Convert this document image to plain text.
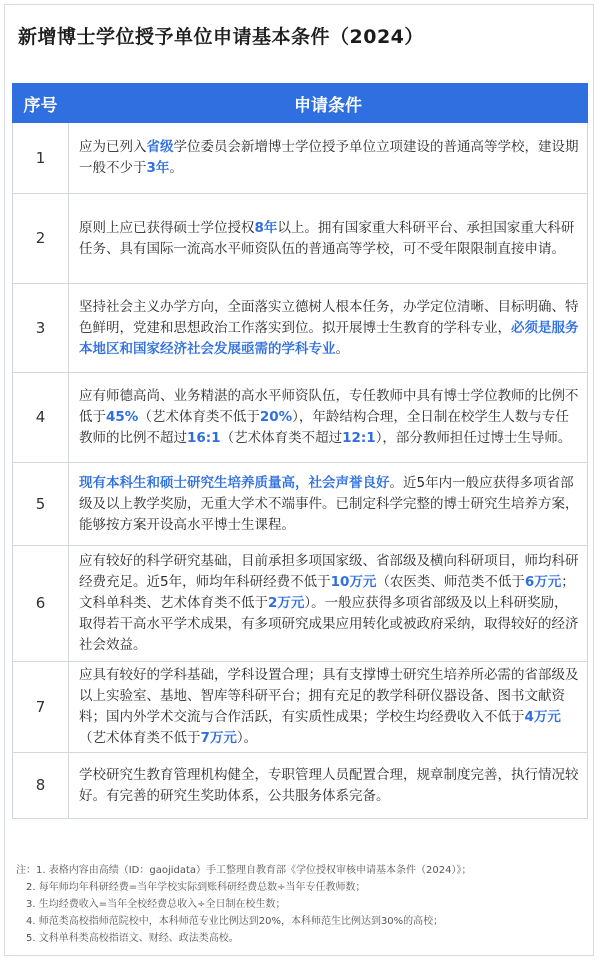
新增博士学位授予单位申请基本条件（2024）
序号	申请条件
1	应为已列入省级学位委员会新增博士学位授予单位立项建设的普通高等学校，建设期一般不少于3年。
2	原则上应已获得硕士学位授权8年以上。拥有国家重大科研平台、承担国家重大科研任务、具有国际一流高水平师资队伍的普通高等学校，可不受年限限制直接申请。
3	坚持社会主义办学方向，全面落实立德树人根本任务，办学定位清晰、目标明确、特色鲜明，党建和思想政治工作落实到位。拟开展博士生教育的学科专业，必须是服务本地区和国家经济社会发展亟需的学科专业。
4	应有师德高尚、业务精湛的高水平师资队伍，专任教师中具有博士学位教师的比例不低于45%（艺术体育类不低于20%），年龄结构合理，全日制在校学生人数与专任教师的比例不超过16:1（艺术体育类不超过12:1），部分教师担任过博士生导师。
5	现有本科生和硕士研究生培养质量高，社会声誉良好。近5年内一般应获得多项省部级及以上教学奖励，无重大学术不端事件。已制定科学完整的博士研究生培养方案，能够按方案开设高水平博士生课程。
6	应有较好的科学研究基础，目前承担多项国家级、省部级及横向科研项目，师均科研经费充足。近5年，师均年科研经费不低于10万元（农医类、师范类不低于6万元；文科单科类、艺术体育类不低于2万元）。一般应获得多项省部级及以上科研奖励，取得若干高水平学术成果，有多项研究成果应用转化或被政府采纳，取得较好的经济社会效益。
7	应具有较好的学科基础，学科设置合理；具有支撑博士研究生培养所必需的省部级及以上实验室、基地、智库等科研平台；拥有充足的教学科研仪器设备、图书文献资料；国内外学术交流与合作活跃，有实质性成果；学校生均经费收入不低于4万元（艺术体育类不低于7万元）。
8	学校研究生教育管理机构健全，专职管理人员配置合理，规章制度完善，执行情况较好。有完善的研究生奖助体系，公共服务体系完备。
注：1. 表格内容由高绩（ID：gaojidata）手工整理自教育部《学位授权审核申请基本条件（2024）》；
2. 每年师均年科研经费=当年学校实际到账科研经费总数÷当年专任教师数；
3. 生均经费收入=当年全校经费总收入÷全日制在校生数；
4. 师范类高校指师范院校中，本科师范专业比例达到20%，本科师范生比例达到30%的高校；
5. 文科单科类高校指语文、财经、政法类高校。
